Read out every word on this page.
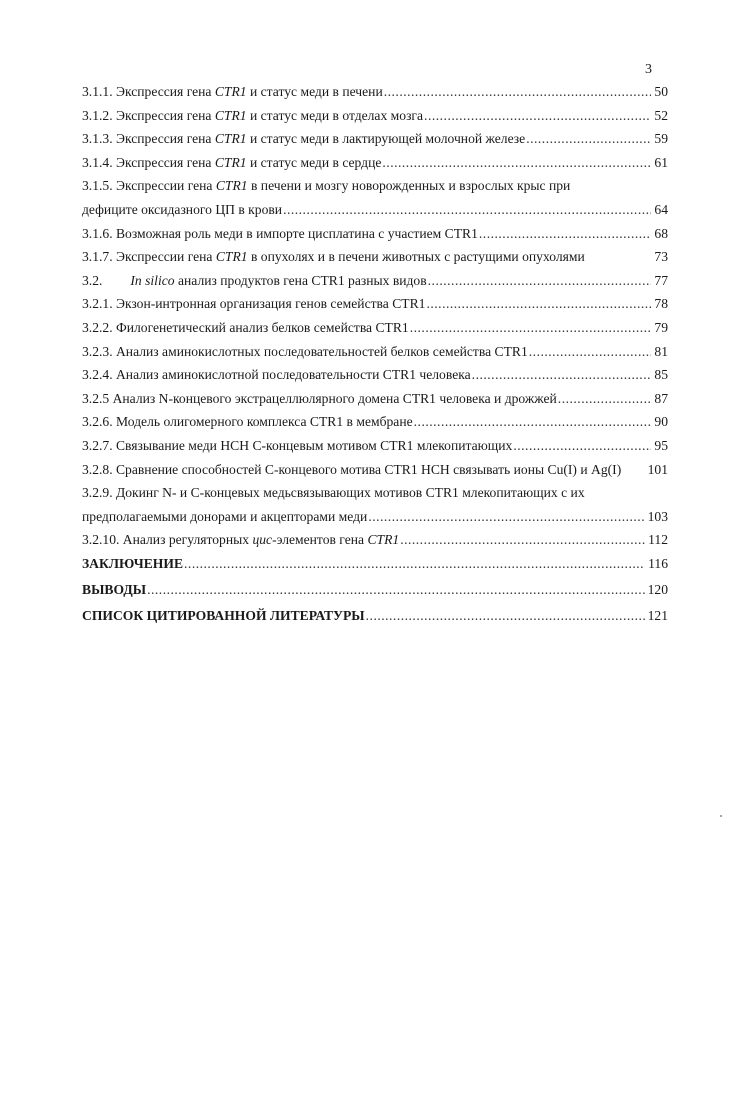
3
3.1.1. Экспрессия гена CTR1 и статус меди в печени .....	50
3.1.2. Экспрессия гена CTR1 и статус меди в отделах мозга .....	52
3.1.3. Экспрессия гена CTR1 и статус меди в лактирующей молочной железе .....	59
3.1.4. Экспрессия гена CTR1 и статус меди в сердце .....	61
3.1.5. Экспрессии гена CTR1 в печени и мозгу новорожденных и взрослых крыс при
дефиците оксидазного ЦП в крови .....	64
3.1.6. Возможная роль меди в импорте цисплатина с участием CTR1 .....	68
3.1.7. Экспрессии гена CTR1 в опухолях и в печени животных с растущими опухолями	73
3.2. In silico анализ продуктов гена CTR1 разных видов .....	77
3.2.1. Экзон-интронная организация генов семейства CTR1 .....	78
3.2.2. Филогенетический анализ белков семейства CTR1 .....	79
3.2.3. Анализ аминокислотных последовательностей белков семейства CTR1 .....	81
3.2.4. Анализ аминокислотной последовательности CTR1 человека .....	85
3.2.5 Анализ N-концевого экстрацеллюлярного домена CTR1 человека и дрожжей .....	87
3.2.6. Модель олигомерного комплекса CTR1 в мембране .....	90
3.2.7. Связывание меди НСН С-концевым мотивом CTR1 млекопитающих .....	95
3.2.8. Сравнение способностей С-концевого мотива CTR1 НСН связывать ионы Cu(I) и Ag(I) 101
3.2.9. Докинг N- и С-концевых медьсвязывающих мотивов CTR1 млекопитающих с их
предполагаемыми донорами и акцепторами меди .....	103
3.2.10. Анализ регуляторных цис-элементов гена CTR1 .....	112
ЗАКЛЮЧЕНИЕ .....	116
ВЫВОДЫ .....	120
СПИСОК ЦИТИРОВАННОЙ ЛИТЕРАТУРЫ .....	121
